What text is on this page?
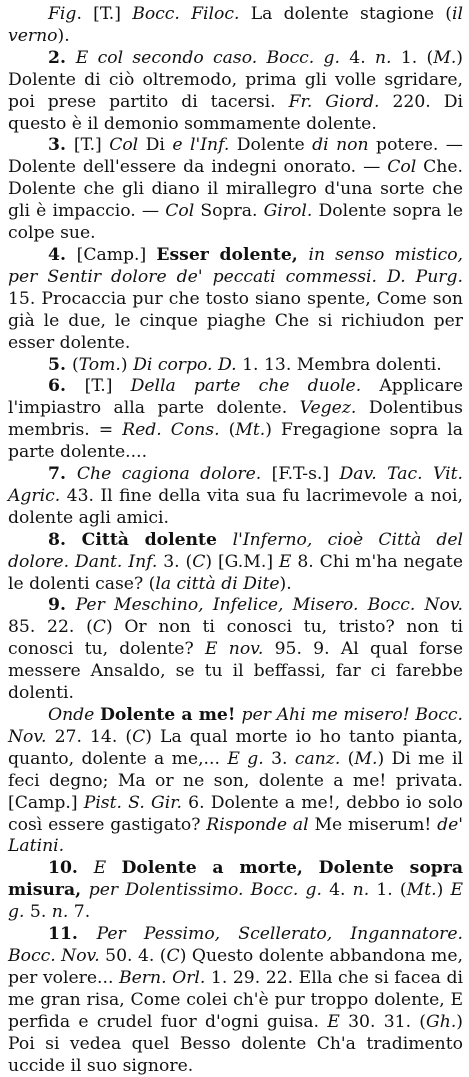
Fig. [T.] Bocc. Filoc. La dolente stagione (il verno).

2. E col secondo caso. Bocc. g. 4. n. 1. (M.) Dolente di ciò oltremodo, prima gli volle sgridare, poi prese partito di tacersi. Fr. Giord. 220. Di questo è il demonio sommamente dolente.

3. [T.] Col Di e l'Inf. Dolente di non potere. — Dolente dell'essere da indegni onorato. — Col Che. Dolente che gli diano il mirallegro d'una sorte che gli è impaccio. — Col Sopra. Girol. Dolente sopra le colpe sue.

4. [Camp.] Esser dolente, in senso mistico, per Sentir dolore de' peccati commessi. D. Purg. 15. Procaccia pur che tosto siano spente, Come son già le due, le cinque piaghe Che si richiudon per esser dolente.

5. (Tom.) Di corpo. D. 1. 13. Membra dolenti.

6. [T.] Della parte che duole. Applicare l'impiastro alla parte dolente. Vegez. Dolentibus membris. = Red. Cons. (Mt.) Fregagione sopra la parte dolente....

7. Che cagiona dolore. [F.T-s.] Dav. Tac. Vit. Agric. 43. Il fine della vita sua fu lacrimevole a noi, dolente agli amici.

8. Città dolente l'Inferno, cioè Città del dolore. Dant. Inf. 3. (C) [G.M.] E 8. Chi m'ha negate le dolenti case? (la città di Dite).

9. Per Meschino, Infelice, Misero. Bocc. Nov. 85. 22. (C) Or non ti conosci tu, tristo? non ti conosci tu, dolente? E nov. 95. 9. Al qual forse messere Ansaldo, se tu il beffassi, far ci farebbe dolenti.

Onde Dolente a me! per Ahi me misero! Bocc. Nov. 27. 14. (C) La qual morte io ho tanto pianta, quanto, dolente a me,... E g. 3. canz. (M.) Di me il feci degno; Ma or ne son, dolente a me! privata. [Camp.] Pist. S. Gir. 6. Dolente a me!, debbo io solo così essere gastigato? Risponde al Me miserum! de' Latini.

10. E Dolente a morte, Dolente sopra misura, per Dolentissimo. Bocc. g. 4. n. 1. (Mt.) E g. 5. n. 7.

11. Per Pessimo, Scellerato, Ingannatore. Bocc. Nov. 50. 4. (C) Questo dolente abbandona me, per volere... Bern. Orl. 1. 29. 22. Ella che si facea di me gran risa, Come colei ch'è pur troppo dolente, E perfida e crudel fuor d'ogni guisa. E 30. 31. (Gh.) Poi si vedea quel Besso dolente Ch'a tradimento uccide il suo signore.
